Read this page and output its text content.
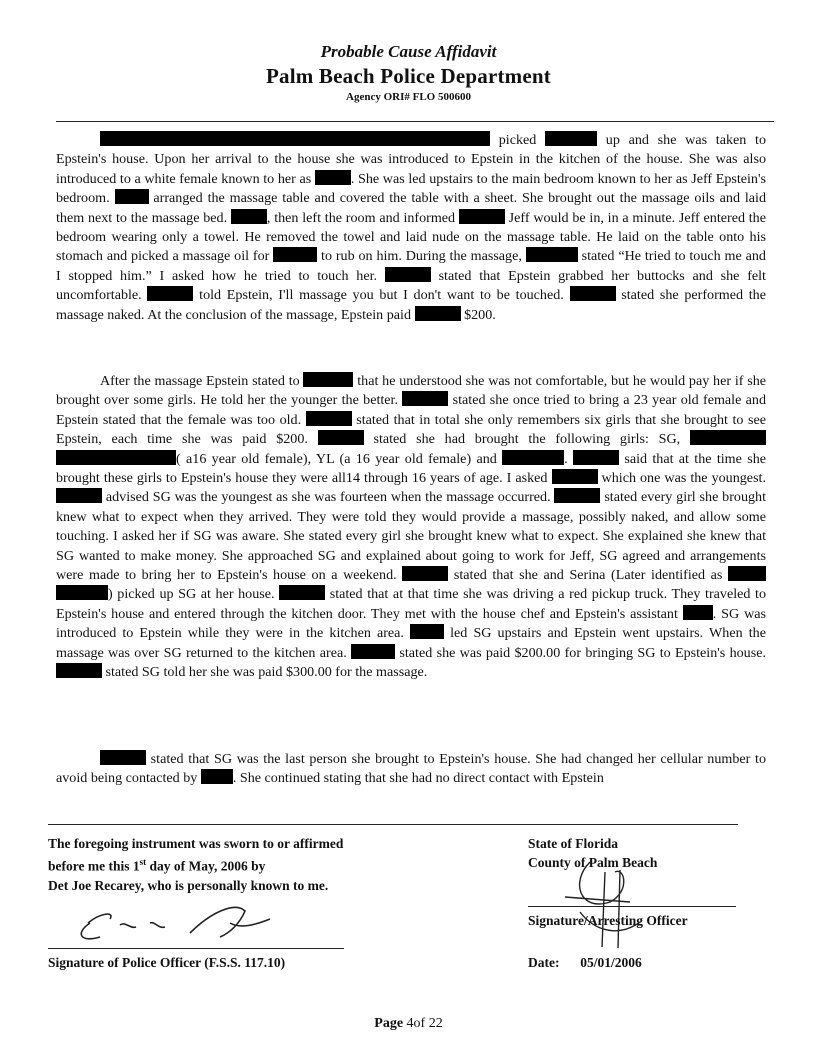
Probable Cause Affidavit
Palm Beach Police Department
Agency ORI# FLO 500600

picked	up and she was taken to Epstein's house. Upon her arrival to the house she was introduced to Epstein in the kitchen of the house. She was also introduced to a white female known to her as	. She was led upstairs to the main bedroom known to her as Jeff Epstein's bedroom.	arranged the massage table and covered the table with a sheet. She brought out the massage oils and laid them next to the massage bed.	, then left the room and informed	Jeff would be in, in a minute. Jeff entered the bedroom wearing only a towel. He removed the towel and laid nude on the massage table. He laid on the table onto his stomach and picked a massage oil for	to rub on him. During the massage,	stated “He tried to touch me and I stopped him.” I asked how he tried to touch her.	stated that Epstein grabbed her buttocks and she felt uncomfortable.	told Epstein, I'll massage you but I don't want to be touched.	stated she performed the massage naked. At the conclusion of the massage, Epstein paid	$200.

After the massage Epstein stated to	that he understood she was not comfortable, but he would pay her if she brought over some girls. He told her the younger the better.	stated she once tried to bring a 23 year old female and Epstein stated that the female was too old.	stated that in total she only remembers six girls that she brought to see Epstein, each time she was paid $200.	stated she had brought the following girls: SG,  ( a16 year old female), YL (a 16 year old female) and	.	said that at the time she brought these girls to Epstein's house they were all14 through 16 years of age. I asked	which one was the youngest.  advised SG was the youngest as she was fourteen when the massage occurred.	stated every girl she brought knew what to expect when they arrived. They were told they would provide a massage, possibly naked, and allow some touching. I asked her if SG was aware. She stated every girl she brought knew what to expect. She explained she knew that SG wanted to make money. She approached SG and explained about going to work for Jeff, SG agreed and arrangements were made to bring her to Epstein's house on a weekend.	stated that she and Serina (Later identified as  ) picked up SG at her house.	stated that at that time she was driving a red pickup truck. They traveled to Epstein's house and entered through the kitchen door. They met with the house chef and Epstein's assistant . SG was introduced to Epstein while they were in the kitchen area.	led SG upstairs and Epstein went upstairs. When the massage was over SG returned to the kitchen area.	stated she was paid $200.00 for bringing SG to Epstein's house.  stated SG told her she was paid $300.00 for the massage.

stated that SG was the last person she brought to Epstein's house. She had changed her cellular number to avoid being contacted by	. She continued stating that she had no direct contact with Epstein

The foregoing instrument was sworn to or affirmed
before me this 1st day of May, 2006 by
Det Joe Recarey, who is personally known to me.
Signature of Police Officer (F.S.S. 117.10)
State of Florida
County of Palm Beach
Signature/Arresting Officer
Date: 05/01/2006
Page 4of 22
